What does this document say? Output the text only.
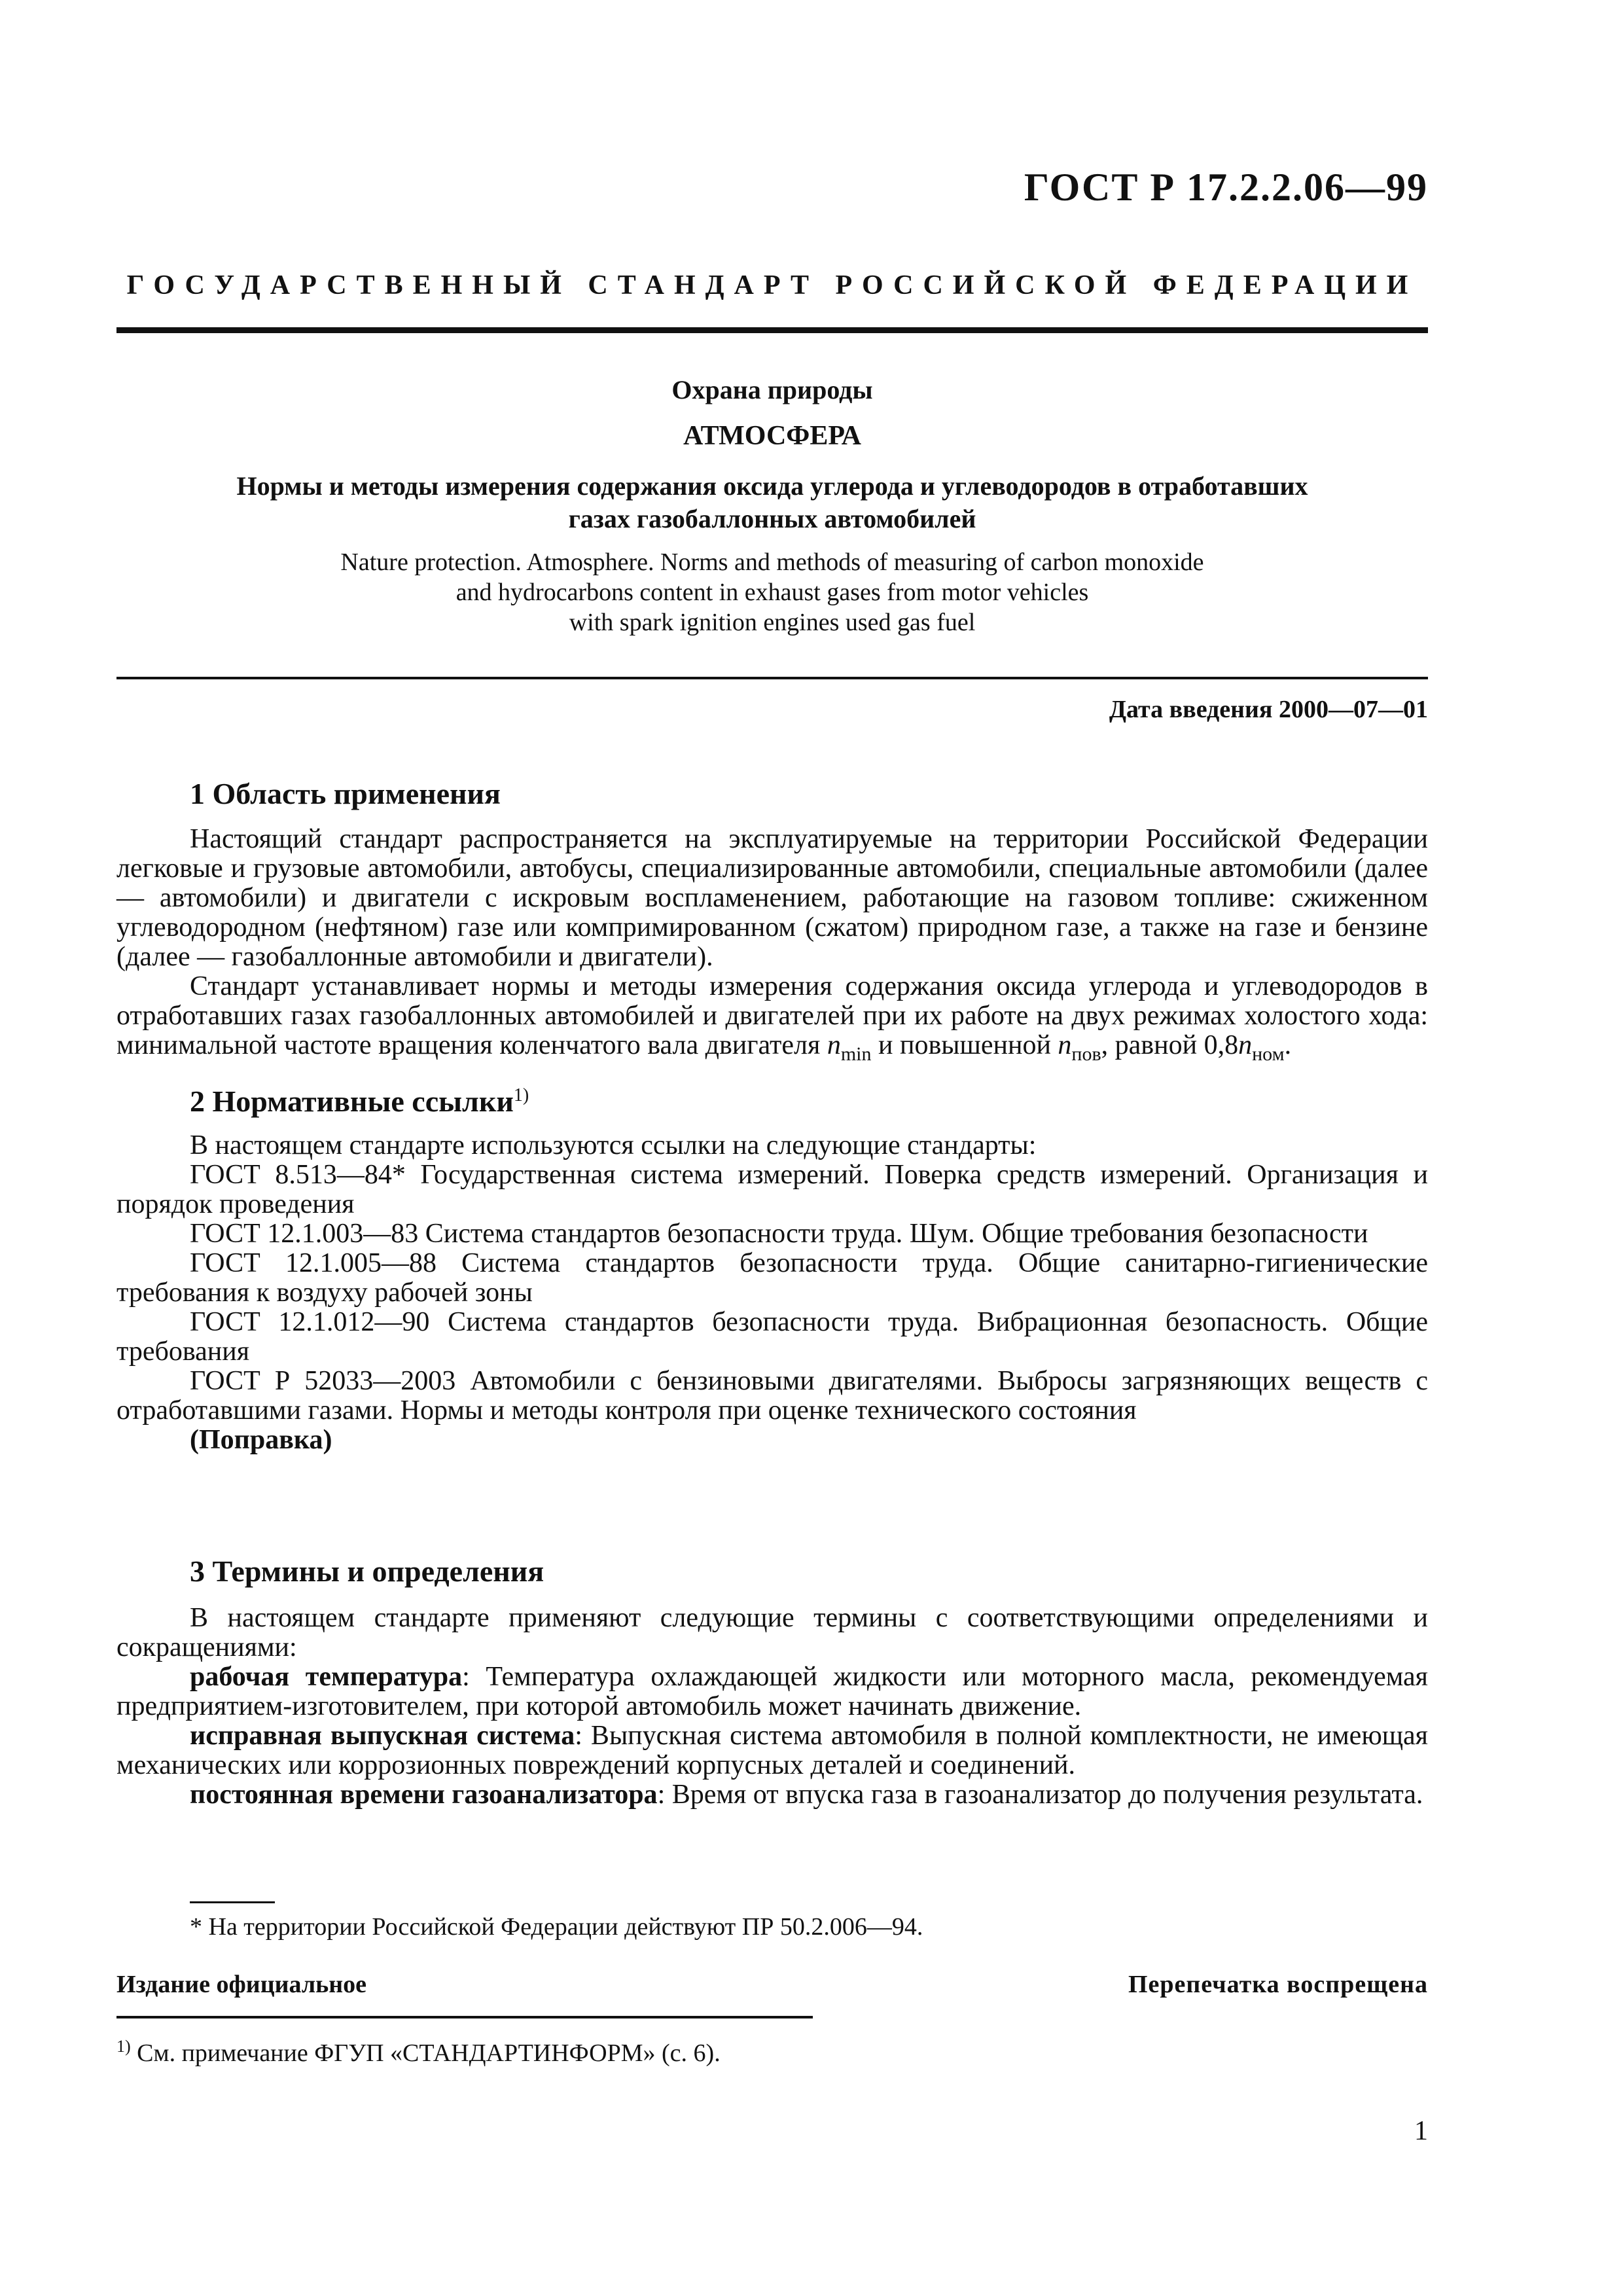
ГОСТ Р 17.2.2.06—99
ГОСУДАРСТВЕННЫЙ СТАНДАРТ РОССИЙСКОЙ ФЕДЕРАЦИИ
Охрана природы
АТМОСФЕРА
Нормы и методы измерения содержания оксида углерода и углеводородов в отработавших
газах газобаллонных автомобилей
Nature protection. Atmosphere. Norms and methods of measuring of carbon monoxide
and hydrocarbons content in exhaust gases from motor vehicles
with spark ignition engines used gas fuel
Дата введения 2000—07—01
1 Область применения

Настоящий стандарт распространяется на эксплуатируемые на территории Российской Федерации легковые и грузовые автомобили, автобусы, специализированные автомобили, специальные автомобили (далее — автомобили) и двигатели с искровым воспламенением, работающие на газовом топливе: сжиженном углеводородном (нефтяном) газе или компримированном (сжатом) природном газе, а также на газе и бензине (далее — газобаллонные автомобили и двигатели).

Стандарт устанавливает нормы и методы измерения содержания оксида углерода и углеводородов в отработавших газах газобаллонных автомобилей и двигателей при их работе на двух режимах холостого хода: минимальной частоте вращения коленчатого вала двигателя $n_{min}$ и повышенной $n_{пов}$, равной $0,8n_{ном}$.

2 Нормативные ссылки$^{1)}$

В настоящем стандарте используются ссылки на следующие стандарты:

ГОСТ 8.513—84* Государственная система измерений. Поверка средств измерений. Организация и порядок проведения

ГОСТ 12.1.003—83 Система стандартов безопасности труда. Шум. Общие требования безопасности

ГОСТ 12.1.005—88 Система стандартов безопасности труда. Общие санитарно-гигиенические требования к воздуху рабочей зоны

ГОСТ 12.1.012—90 Система стандартов безопасности труда. Вибрационная безопасность. Общие требования

ГОСТ Р 52033—2003 Автомобили с бензиновыми двигателями. Выбросы загрязняющих веществ с отработавшими газами. Нормы и методы контроля при оценке технического состояния

(Поправка)

3 Термины и определения

В настоящем стандарте применяют следующие термины с соответствующими определениями и сокращениями:

рабочая температура: Температура охлаждающей жидкости или моторного масла, рекомендуемая предприятием-изготовителем, при которой автомобиль может начинать движение.

исправная выпускная система: Выпускная система автомобиля в полной комплектности, не имеющая механических или коррозионных повреждений корпусных деталей и соединений.

постоянная времени газоанализатора: Время от впуска газа в газоанализатор до получения результата.

* На территории Российской Федерации действуют ПР 50.2.006—94.
Издание официальное	Перепечатка воспрещена
$^{1)}$ См. примечание ФГУП «СТАНДАРТИНФОРМ» (с. 6).
1
